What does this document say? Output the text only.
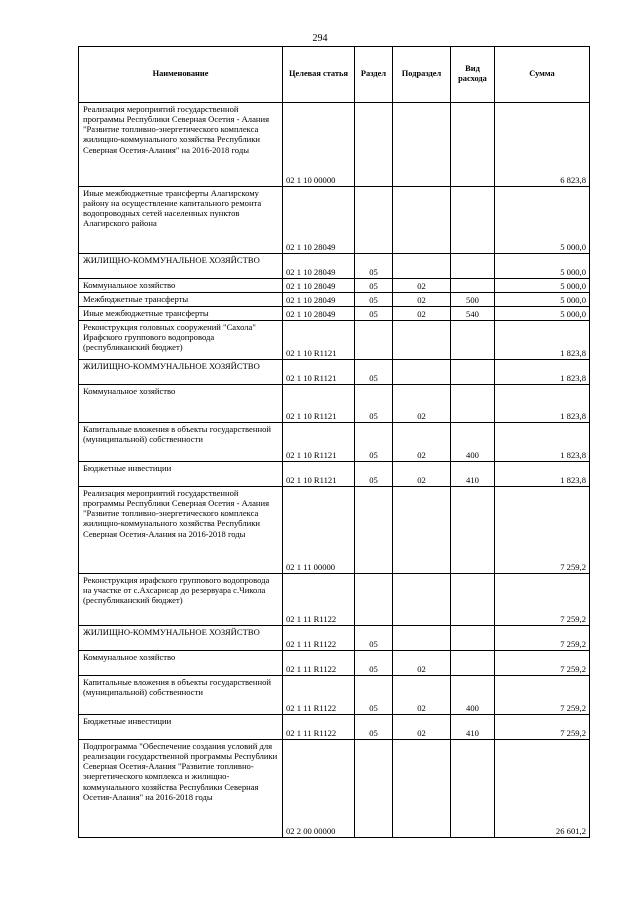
294
Наименование	Целевая статья	Раздел	Подраздел	Вид расхода	Сумма
Реализация мероприятий государственной программы Республики Северная Осетия - Алания "Развитие топливно-энергетического комплекса жилищно-коммунального хозяйства Республики Северная Осетия-Алания" на 2016-2018 годы	02 1 10 00000				6 823,8
Иные межбюджетные трансферты Алагирскому району на осуществление капитального ремонта водопроводных сетей населенных пунктов Алагирского района	02 1 10 28049				5 000,0
ЖИЛИЩНО-КОММУНАЛЬНОЕ ХОЗЯЙСТВО	02 1 10 28049	05			5 000,0
Коммунальное хозяйство	02 1 10 28049	05	02		5 000,0
Межбюджетные трансферты	02 1 10 28049	05	02	500	5 000,0
Иные межбюджетные трансферты	02 1 10 28049	05	02	540	5 000,0
Реконструкция головных сооружений "Сахола" Ирафского группового водопровода (республиканский бюджет)	02 1 10 R1121				1 823,8
ЖИЛИЩНО-КОММУНАЛЬНОЕ ХОЗЯЙСТВО	02 1 10 R1121	05			1 823,8
Коммунальное хозяйство	02 1 10 R1121	05	02		1 823,8
Капитальные вложения в объекты государственной (муниципальной) собственности	02 1 10 R1121	05	02	400	1 823,8
Бюджетные инвестиции	02 1 10 R1121	05	02	410	1 823,8
Реализация мероприятий государственной программы Республики Северная Осетия - Алания "Развитие топливно-энергетического комплекса жилищно-коммунального хозяйства Республики Северная Осетия-Алания на 2016-2018 годы	02 1 11 00000				7 259,2
Реконструкция ирафского группового водопровода на участке от с.Ахсарисар до резервуара с.Чикола (республиканский бюджет)	02 1 11 R1122				7 259,2
ЖИЛИЩНО-КОММУНАЛЬНОЕ ХОЗЯЙСТВО	02 1 11 R1122	05			7 259,2
Коммунальное хозяйство	02 1 11 R1122	05	02		7 259,2
Капитальные вложения в объекты государственной (муниципальной) собственности	02 1 11 R1122	05	02	400	7 259,2
Бюджетные инвестиции	02 1 11 R1122	05	02	410	7 259,2
Подпрограмма "Обеспечение создания условий для реализации государственной программы Республики Северная Осетия-Алания "Развитие топливно-энергетического комплекса и жилищно-коммунального хозяйства Республики Северная Осетия-Алания" на 2016-2018 годы	02 2 00 00000				26 601,2
